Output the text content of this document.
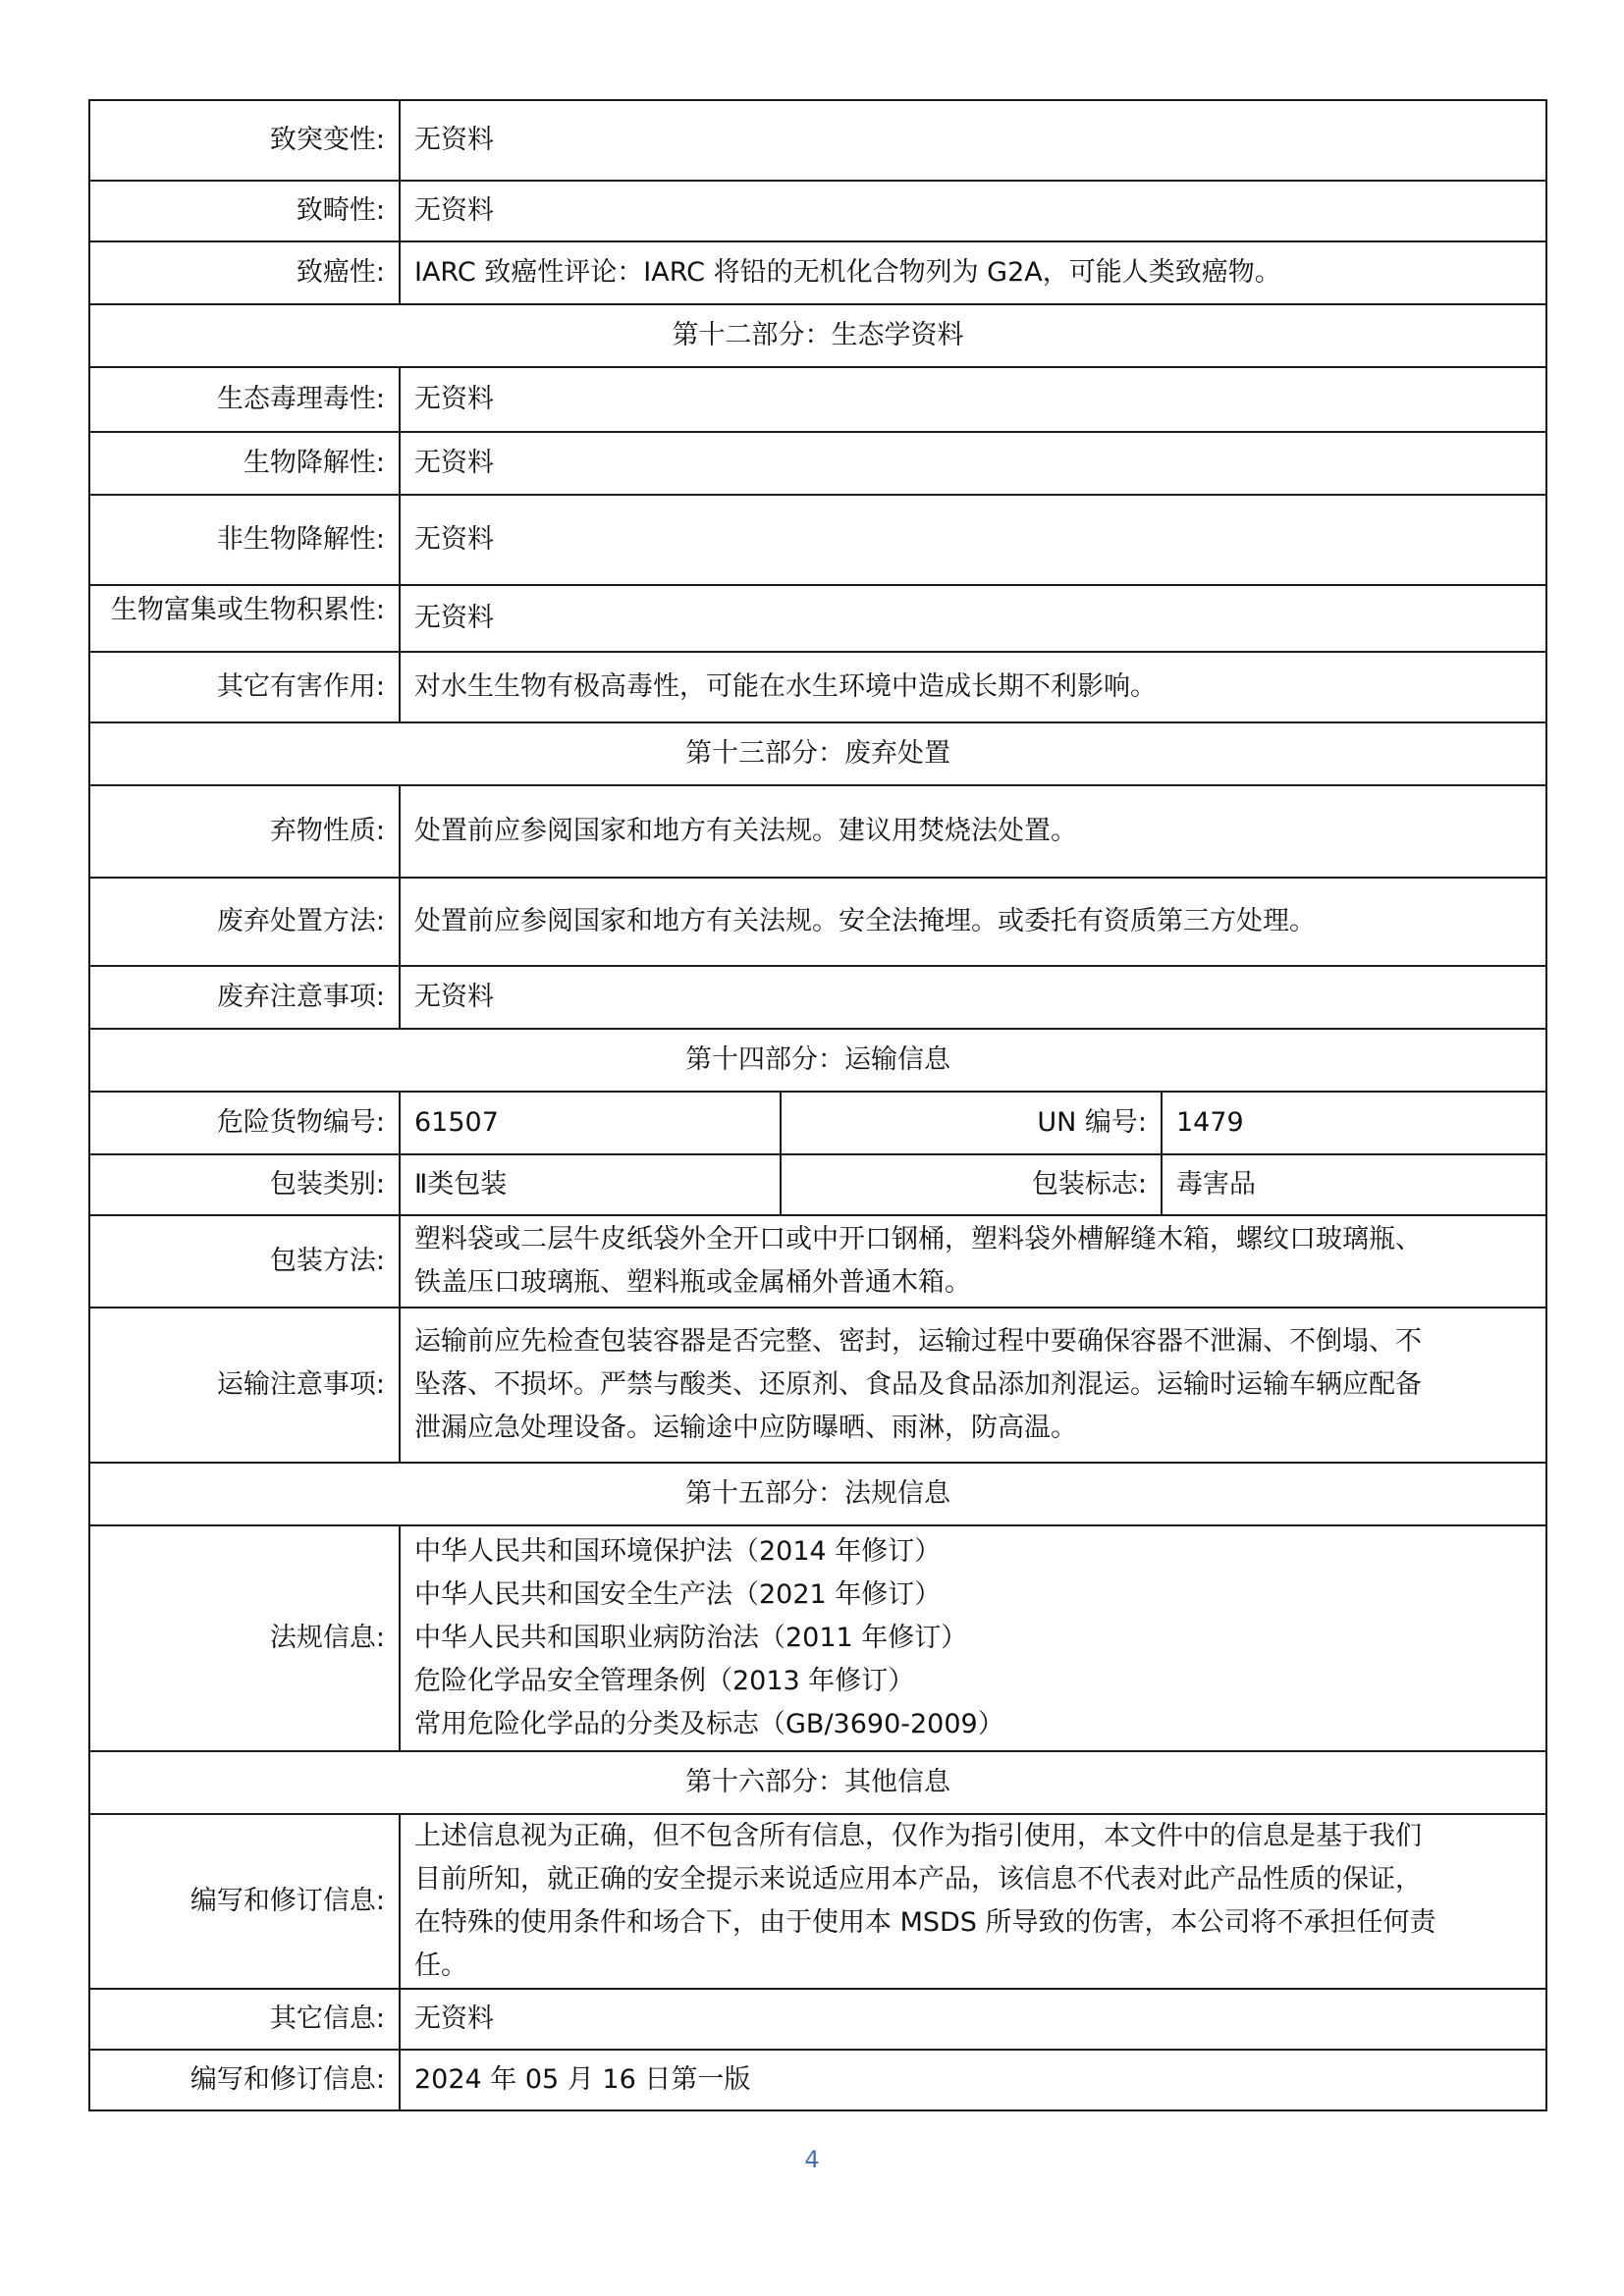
致突变性:	无资料		
致畸性:	无资料		
致癌性:	IARC 致癌性评论：IARC 将铅的无机化合物列为 G2A，可能人类致癌物。		
第十二部分：生态学资料			
生态毒理毒性:	无资料		
生物降解性:	无资料		
非生物降解性:	无资料		

生物富集或生物积累性:	无资料		
其它有害作用:	对水生生物有极高毒性，可能在水生环境中造成长期不利影响。		
第十三部分：废弃处置			
弃物性质:	处置前应参阅国家和地方有关法规。建议用焚烧法处置。		
废弃处置方法:	处置前应参阅国家和地方有关法规。安全法掩埋。或委托有资质第三方处理。		
废弃注意事项:	无资料		
第十四部分：运输信息			
危险货物编号:	61507	UN 编号:	1479
包装类别:	Ⅱ类包装	包装标志:	毒害品
包装方法:	塑料袋或二层牛皮纸袋外全开口或中开口钢桶，塑料袋外槽解缝木箱，螺纹口玻璃瓶、
铁盖压口玻璃瓶、塑料瓶或金属桶外普通木箱。		

运输注意事项:	运输前应先检查包装容器是否完整、密封，运输过程中要确保容器不泄漏、不倒塌、不
坠落、不损坏。严禁与酸类、还原剂、食品及食品添加剂混运。运输时运输车辆应配备
泄漏应急处理设备。运输途中应防曝晒、雨淋，防高温。		

第十五部分：法规信息			
法规信息:	中华人民共和国环境保护法（2014 年修订）
中华人民共和国安全生产法（2021 年修订）
中华人民共和国职业病防治法（2011 年修订）
危险化学品安全管理条例（2013 年修订）
常用危险化学品的分类及标志（GB/3690-2009）		

第十六部分：其他信息			
编写和修订信息:	上述信息视为正确，但不包含所有信息，仅作为指引使用，本文件中的信息是基于我们
目前所知，就正确的安全提示来说适应用本产品，该信息不代表对此产品性质的保证，
在特殊的使用条件和场合下，由于使用本 MSDS 所导致的伤害，本公司将不承担任何责
任。		

其它信息:	无资料		
编写和修订信息:	2024 年 05 月 16 日第一版		
4
